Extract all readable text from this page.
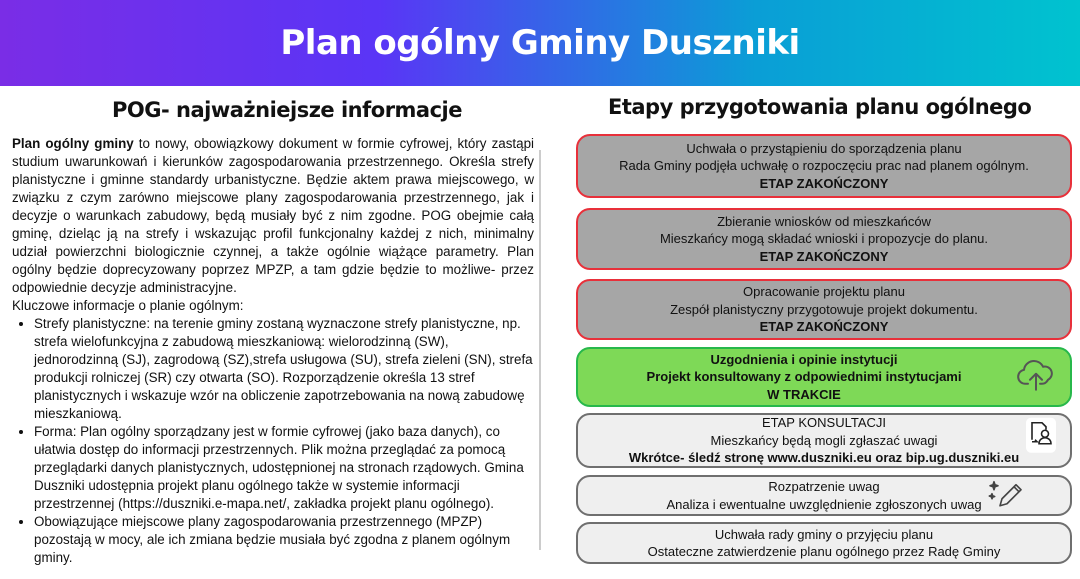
Plan ogólny Gminy Duszniki
POG- najważniejsze informacje	Etapy przygotowania planu ogólnego

Plan ogólny gminy to nowy, obowiązkowy dokument w formie cyfrowej, który zastąpi studium uwarunkowań i kierunków zagospodarowania przestrzennego. Określa strefy planistyczne i gminne standardy urbanistyczne. Będzie aktem prawa miejscowego, w związku z czym zarówno miejscowe plany zagospodarowania przestrzennego, jak i decyzje o warunkach zabudowy, będą musiały być z nim zgodne. POG obejmie całą gminę, dzieląc ją na strefy i wskazując profil funkcjonalny każdej z nich, minimalny udział powierzchni biologicznie czynnej, a także ogólnie wiążące parametry. Plan ogólny będzie doprecyzowany poprzez MPZP, a tam gdzie będzie to możliwe- przez odpowiednie decyzje administracyjne.

Kluczowe informacje o planie ogólnym:
• Strefy planistyczne: na terenie gminy zostaną wyznaczone strefy planistyczne, np. strefa wielofunkcyjna z zabudową mieszkaniową: wielorodzinną (SW), jednorodzinną (SJ), zagrodową (SZ),strefa usługowa (SU), strefa zieleni (SN), strefa produkcji rolniczej (SR) czy otwarta (SO). Rozporządzenie określa 13 stref planistycznych i wskazuje wzór na obliczenie zapotrzebowania na nową zabudowę mieszkaniową.
• Forma: Plan ogólny sporządzany jest w formie cyfrowej (jako baza danych), co ułatwia dostęp do informacji przestrzennych. Plik można przeglądać za pomocą przeglądarki danych planistycznych, udostępnionej na stronach rządowych. Gmina Duszniki udostępnia projekt planu ogólnego także w systemie informacji przestrzennej (https://duszniki.e-mapa.net/, zakładka projekt planu ogólnego).
• Obowiązujące miejscowe plany zagospodarowania przestrzennego (MPZP) pozostają w mocy, ale ich zmiana będzie musiała być zgodna z planem ogólnym gminy.
Uchwała o przystąpieniu do sporządzenia planu
Rada Gminy podjęła uchwałę o rozpoczęciu prac nad planem ogólnym.
ETAP ZAKOŃCZONY
Zbieranie wniosków od mieszkańców
Mieszkańcy mogą składać wnioski i propozycje do planu.
ETAP ZAKOŃCZONY
Opracowanie projektu planu
Zespół planistyczny przygotowuje projekt dokumentu.
ETAP ZAKOŃCZONY
Uzgodnienia i opinie instytucji
Projekt konsultowany z odpowiednimi instytucjami
W TRAKCIE
ETAP KONSULTACJI
Mieszkańcy będą mogli zgłaszać uwagi
Wkrótce- śledź stronę www.duszniki.eu oraz bip.ug.duszniki.eu
Rozpatrzenie uwag
Analiza i ewentualne uwzględnienie zgłoszonych uwag
Uchwała rady gminy o przyjęciu planu
Ostateczne zatwierdzenie planu ogólnego przez Radę Gminy
